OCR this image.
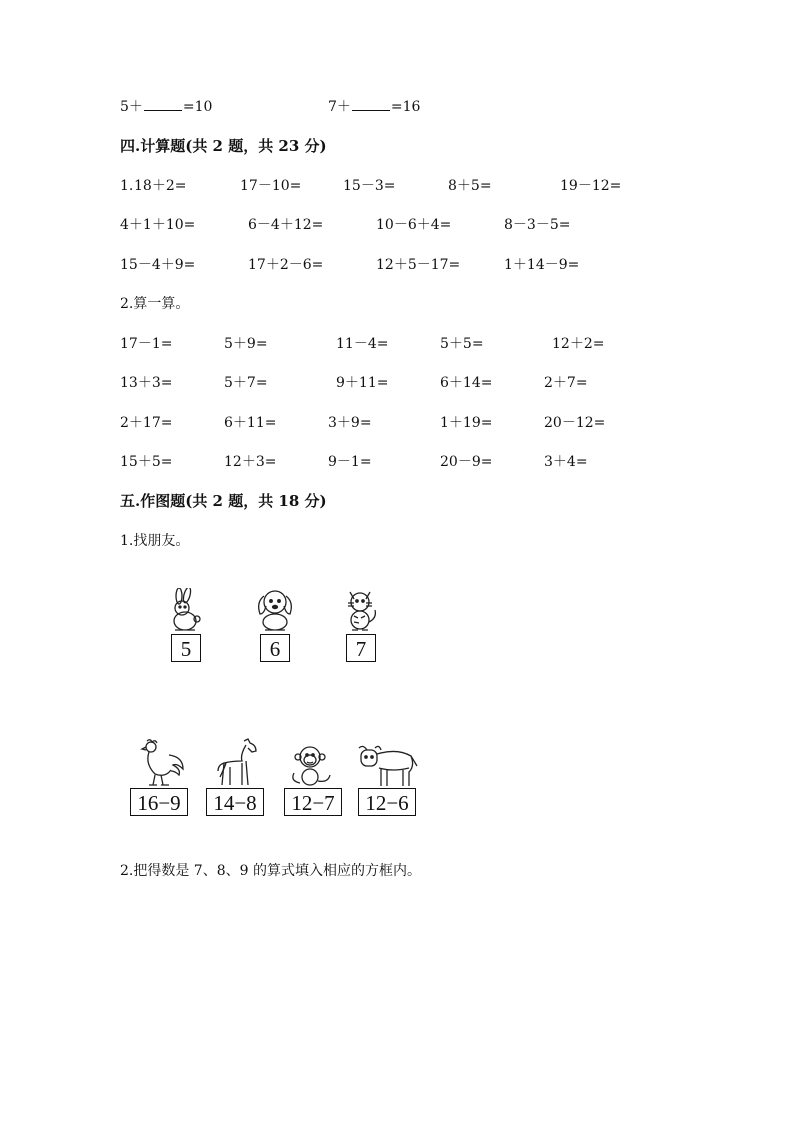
5＋	=10	7＋	=16
四.计算题(共 2 题，共 23 分)
1. 18＋2=	17－10=	15－3=	8＋5=	19－12=
4＋1＋10=	6－4＋12=	10－6＋4=	8－3－5=
15－4＋9=	17＋2－6=	12＋5－17=	1＋14－9=
2.算一算。
17－1=	5＋9=	11－4=	5＋5=	12＋2=
13＋3=	5＋7=	9＋11=	6＋14=	2＋7=
2＋17=	6＋11=	3＋9=	1＋19=	20－12=
15＋5=	12＋3=	9－1=	20－9=	3＋4=
五.作图题(共 2 题，共 18 分)
1.找朋友。
5	6	7
16−9	14−8	12−7	12−6
2.把得数是 7、8、9 的算式填入相应的方框内。
